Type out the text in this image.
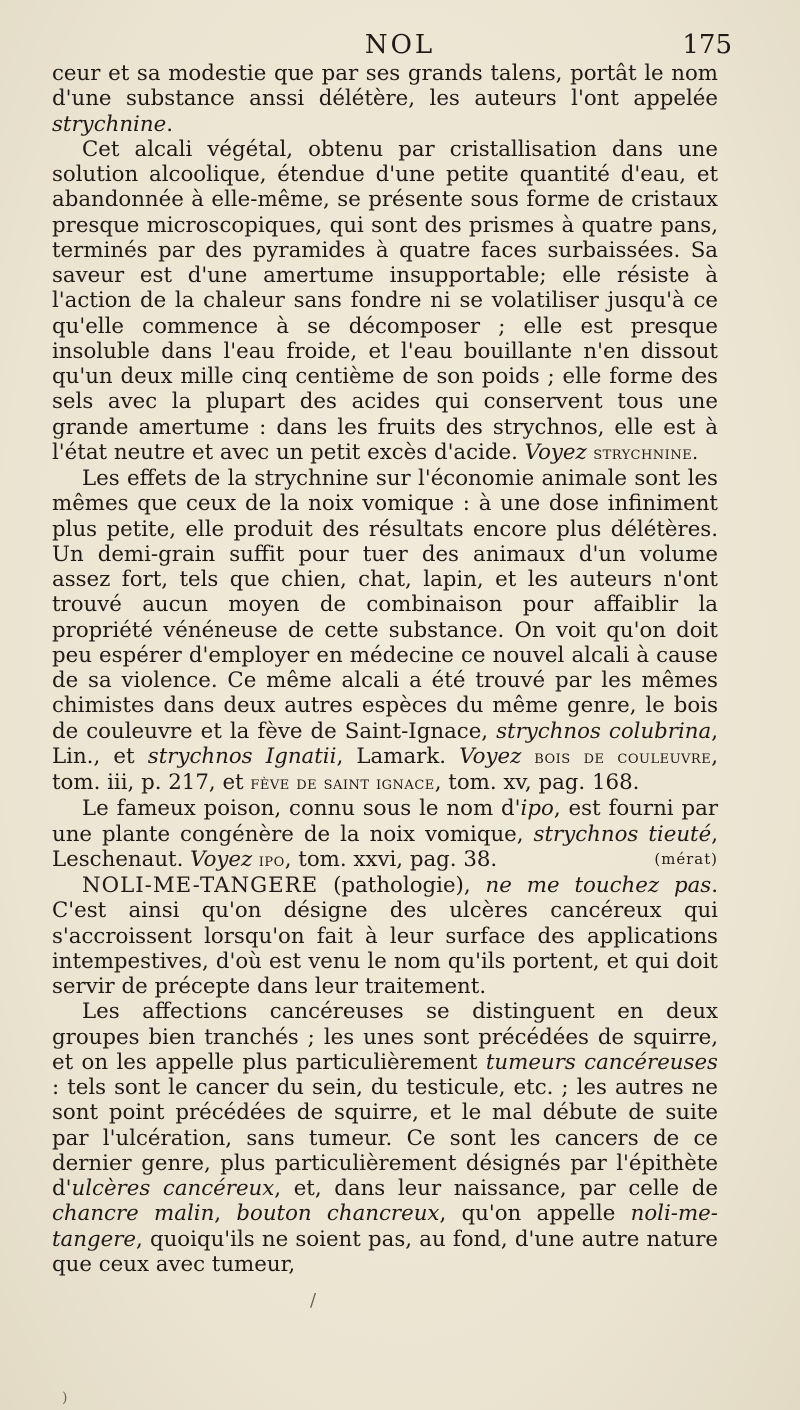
NOL	175

ceur et sa modestie que par ses grands talens, portât le nom d'une substance anssi délétère, les auteurs l'ont appelée strychnine.

Cet alcali végétal, obtenu par cristallisation dans une solution alcoolique, étendue d'une petite quantité d'eau, et abandonnée à elle-même, se présente sous forme de cristaux presque microscopiques, qui sont des prismes à quatre pans, terminés par des pyramides à quatre faces surbaissées. Sa saveur est d'une amertume insupportable; elle résiste à l'action de la chaleur sans fondre ni se volatiliser jusqu'à ce qu'elle commence à se décomposer ; elle est presque insoluble dans l'eau froide, et l'eau bouillante n'en dissout qu'un deux mille cinq centième de son poids ; elle forme des sels avec la plupart des acides qui conservent tous une grande amertume : dans les fruits des strychnos, elle est à l'état neutre et avec un petit excès d'acide. Voyez strychnine.

Les effets de la strychnine sur l'économie animale sont les mêmes que ceux de la noix vomique : à une dose infiniment plus petite, elle produit des résultats encore plus délétères. Un demi-grain suffit pour tuer des animaux d'un volume assez fort, tels que chien, chat, lapin, et les auteurs n'ont trouvé aucun moyen de combinaison pour affaiblir la propriété vénéneuse de cette substance. On voit qu'on doit peu espérer d'employer en médecine ce nouvel alcali à cause de sa violence. Ce même alcali a été trouvé par les mêmes chimistes dans deux autres espèces du même genre, le bois de couleuvre et la fève de Saint-Ignace, strychnos colubrina, Lin., et strychnos Ignatii, Lamark. Voyez bois de couleuvre, tom. iii, p. 217, et fève de saint ignace, tom. xv, pag. 168.

Le fameux poison, connu sous le nom d'ipo, est fourni par une plante congénère de la noix vomique, strychnos tieuté, Leschenaut. Voyez ipo, tom. xxvi, pag. 38.	(mérat)

NOLI-ME-TANGERE (pathologie), ne me touchez pas. C'est ainsi qu'on désigne des ulcères cancéreux qui s'accroissent lorsqu'on fait à leur surface des applications intempestives, d'où est venu le nom qu'ils portent, et qui doit servir de précepte dans leur traitement.

Les affections cancéreuses se distinguent en deux groupes bien tranchés ; les unes sont précédées de squirre, et on les appelle plus particulièrement tumeurs cancéreuses : tels sont le cancer du sein, du testicule, etc. ; les autres ne sont point précédées de squirre, et le mal débute de suite par l'ulcération, sans tumeur. Ce sont les cancers de ce dernier genre, plus particulièrement désignés par l'épithète d'ulcères cancéreux, et, dans leur naissance, par celle de chancre malin, bouton chancreux, qu'on appelle noli-me-tangere, quoiqu'ils ne soient pas, au fond, d'une autre nature que ceux avec tumeur,

/
)
